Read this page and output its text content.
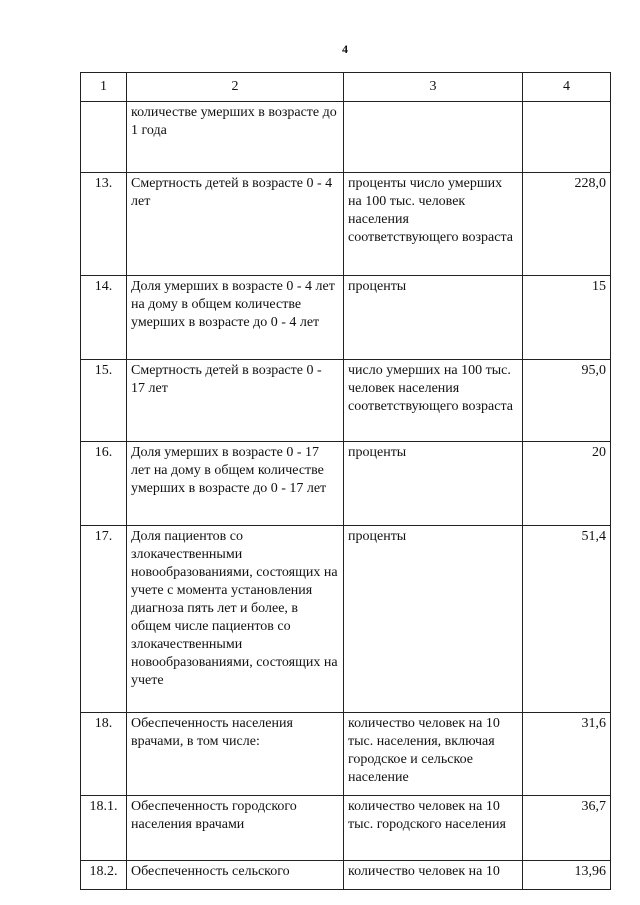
4
1	2	3	4
	количестве умерших в возрасте до 1 года		
13.	Смертность детей в возрасте 0 - 4 лет	проценты число умерших на 100 тыс. человек населения соответствующего возраста	228,0
14.	Доля умерших в возрасте 0 - 4 лет на дому в общем количестве умерших в возрасте до 0 - 4 лет	проценты	15
15.	Смертность детей в возрасте 0 - 17 лет	число умерших на 100 тыс. человек населения соответствующего возраста	95,0
16.	Доля умерших в возрасте 0 - 17 лет на дому в общем количестве умерших в возрасте до 0 - 17 лет	проценты	20
17.	Доля пациентов со злокачественными новообразованиями, состоящих на учете с момента установления диагноза пять лет и более, в общем числе пациентов со злокачественными новообразованиями, состоящих на учете	проценты	51,4
18.	Обеспеченность населения врачами, в том числе:	количество человек на 10 тыс. населения, включая городское и сельское население	31,6
18.1.	Обеспеченность городского населения врачами	количество человек на 10 тыс. городского населения	36,7
18.2.	Обеспеченность сельского	количество человек на 10	13,96
